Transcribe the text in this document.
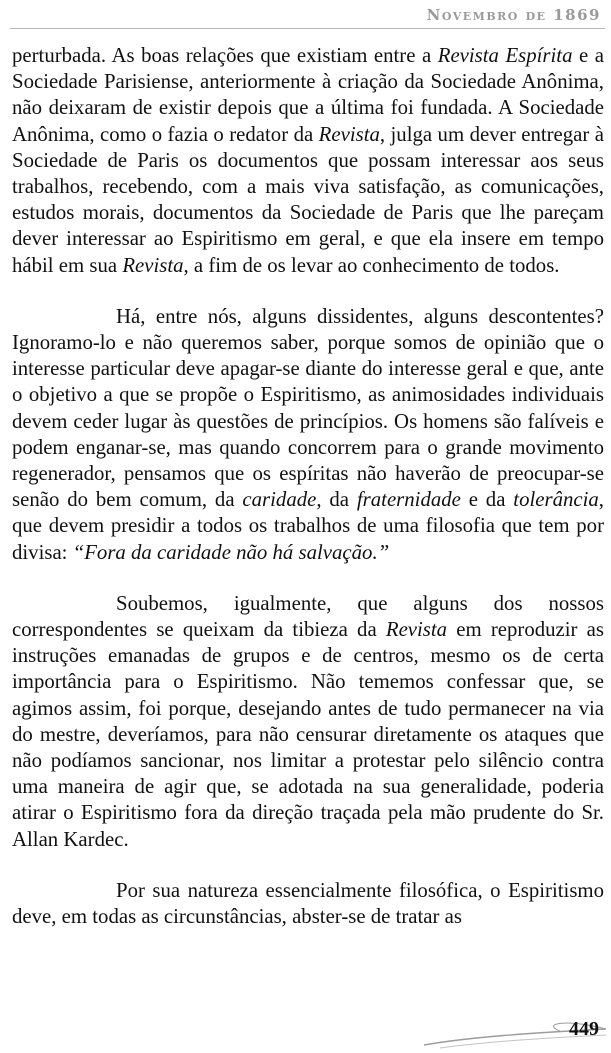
Novembro de 1869

perturbada. As boas relações que existiam entre a Revista Espírita e a Sociedade Parisiense, anteriormente à criação da Sociedade Anônima, não deixaram de existir depois que a última foi fundada. A Sociedade Anônima, como o fazia o redator da Revista, julga um dever entregar à Sociedade de Paris os documentos que possam interessar aos seus trabalhos, recebendo, com a mais viva satisfação, as comunicações, estudos morais, documentos da Sociedade de Paris que lhe pareçam dever interessar ao Espiritismo em geral, e que ela insere em tempo hábil em sua Revista, a fim de os levar ao conhecimento de todos.

Há, entre nós, alguns dissidentes, alguns descontentes? Ignoramo-lo e não queremos saber, porque somos de opinião que o interesse particular deve apagar-se diante do interesse geral e que, ante o objetivo a que se propõe o Espiritismo, as animosidades individuais devem ceder lugar às questões de princípios. Os homens são falíveis e podem enganar-se, mas quando concorrem para o grande movimento regenerador, pensamos que os espíritas não haverão de preocupar-se senão do bem comum, da caridade, da fraternidade e da tolerância, que devem presidir a todos os trabalhos de uma filosofia que tem por divisa: “Fora da caridade não há salvação.”

Soubemos, igualmente, que alguns dos nossos correspondentes se queixam da tibieza da Revista em reproduzir as instruções emanadas de grupos e de centros, mesmo os de certa importância para o Espiritismo. Não tememos confessar que, se agimos assim, foi porque, desejando antes de tudo permanecer na via do mestre, deveríamos, para não censurar diretamente os ataques que não podíamos sancionar, nos limitar a protestar pelo silêncio contra uma maneira de agir que, se adotada na sua generalidade, poderia atirar o Espiritismo fora da direção traçada pela mão prudente do Sr. Allan Kardec.

Por sua natureza essencialmente filosófica, o Espiritismo deve, em todas as circunstâncias, abster-se de tratar as

449
